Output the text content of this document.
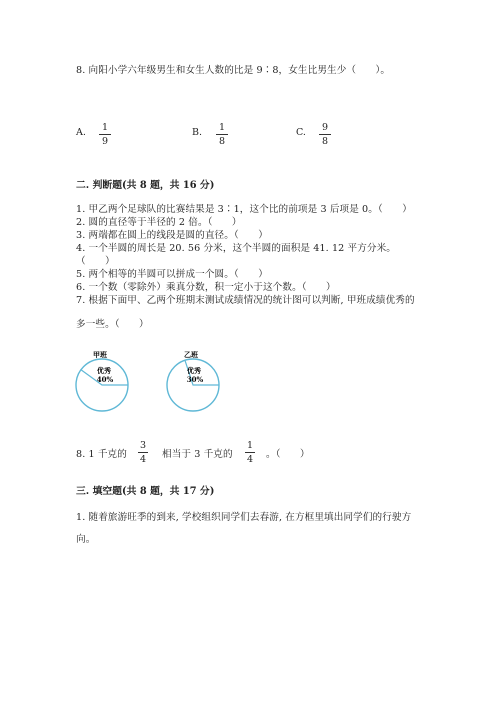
8. 向阳小学六年级男生和女生人数的比是 9∶8，女生比男生少（　　）。
A.	1
9
B.	1
8
C.	9
8
二. 判断题(共 8 题，共 16 分)
1. 甲乙两个足球队的比赛结果是 3∶1，这个比的前项是 3 后项是 0。（　　）
2. 圆的直径等于半径的 2 倍。（　　）
3. 两端都在圆上的线段是圆的直径。（　　）
4. 一个半圆的周长是 20. 56 分米，这个半圆的面积是 41. 12 平方分米。
（　　）
5. 两个相等的半圆可以拼成一个圆。（　　）
6. 一个数（零除外）乘真分数，积一定小于这个数。（　　）
7. 根据下面甲、乙两个班期末测试成绩情况的统计图可以判断, 甲班成绩优秀的
多一些。（　　）
甲班
优秀
40%
乙班
优秀
30%
8. 1 千克的
3
4 相当于 3 千克的
1
4 。（　　）
三. 填空题(共 8 题，共 17 分)
1. 随着旅游旺季的到来, 学校组织同学们去春游, 在方框里填出同学们的行驶方
向。
